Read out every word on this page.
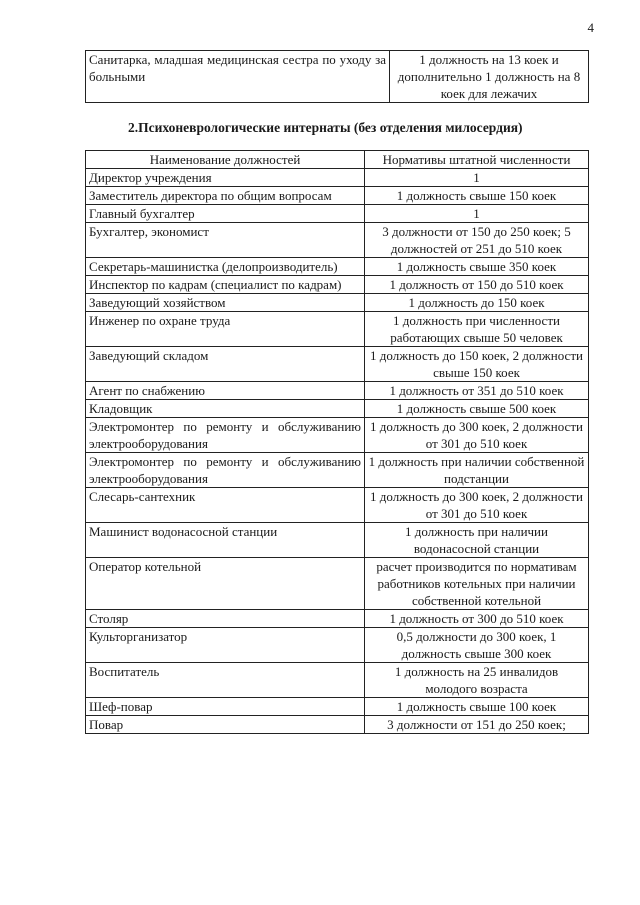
4
Санитарка, младшая медицинская сестра по уходу за больными	1 должность на 13 коек и дополнительно 1 должность на 8 коек для лежачих
2.Психоневрологические интернаты (без отделения милосердия)
Наименование должностей	Нормативы штатной численности
Директор учреждения	1
Заместитель директора по общим вопросам	1 должность свыше 150 коек
Главный бухгалтер	1
Бухгалтер, экономист	3 должности от 150 до 250 коек; 5 должностей от 251 до 510 коек
Секретарь-машинистка (делопроизводитель)	1 должность свыше 350 коек
Инспектор по кадрам (специалист по кадрам)	1 должность от 150 до 510 коек
Заведующий хозяйством	1 должность до 150 коек
Инженер по охране труда	1 должность при численности работающих свыше 50 человек
Заведующий складом	1 должность до 150 коек, 2 должности свыше 150 коек
Агент по снабжению	1 должность от 351 до 510 коек
Кладовщик	1 должность свыше 500 коек
Электромонтер по ремонту и обслуживанию электрооборудования	1 должность до 300 коек, 2 должности от 301 до 510 коек
Электромонтер по ремонту и обслуживанию электрооборудования	1 должность при наличии собственной подстанции
Слесарь-сантехник	1 должность до 300 коек, 2 должности от 301 до 510 коек
Машинист водонасосной станции	1 должность при наличии водонасосной станции
Оператор котельной	расчет производится по нормативам работников котельных при наличии собственной котельной
Столяр	1 должность от 300 до 510 коек
Культорганизатор	0,5 должности до 300 коек, 1 должность свыше 300 коек
Воспитатель	1 должность на 25 инвалидов молодого возраста
Шеф-повар	1 должность свыше 100 коек
Повар	3 должности от 151 до 250 коек;
